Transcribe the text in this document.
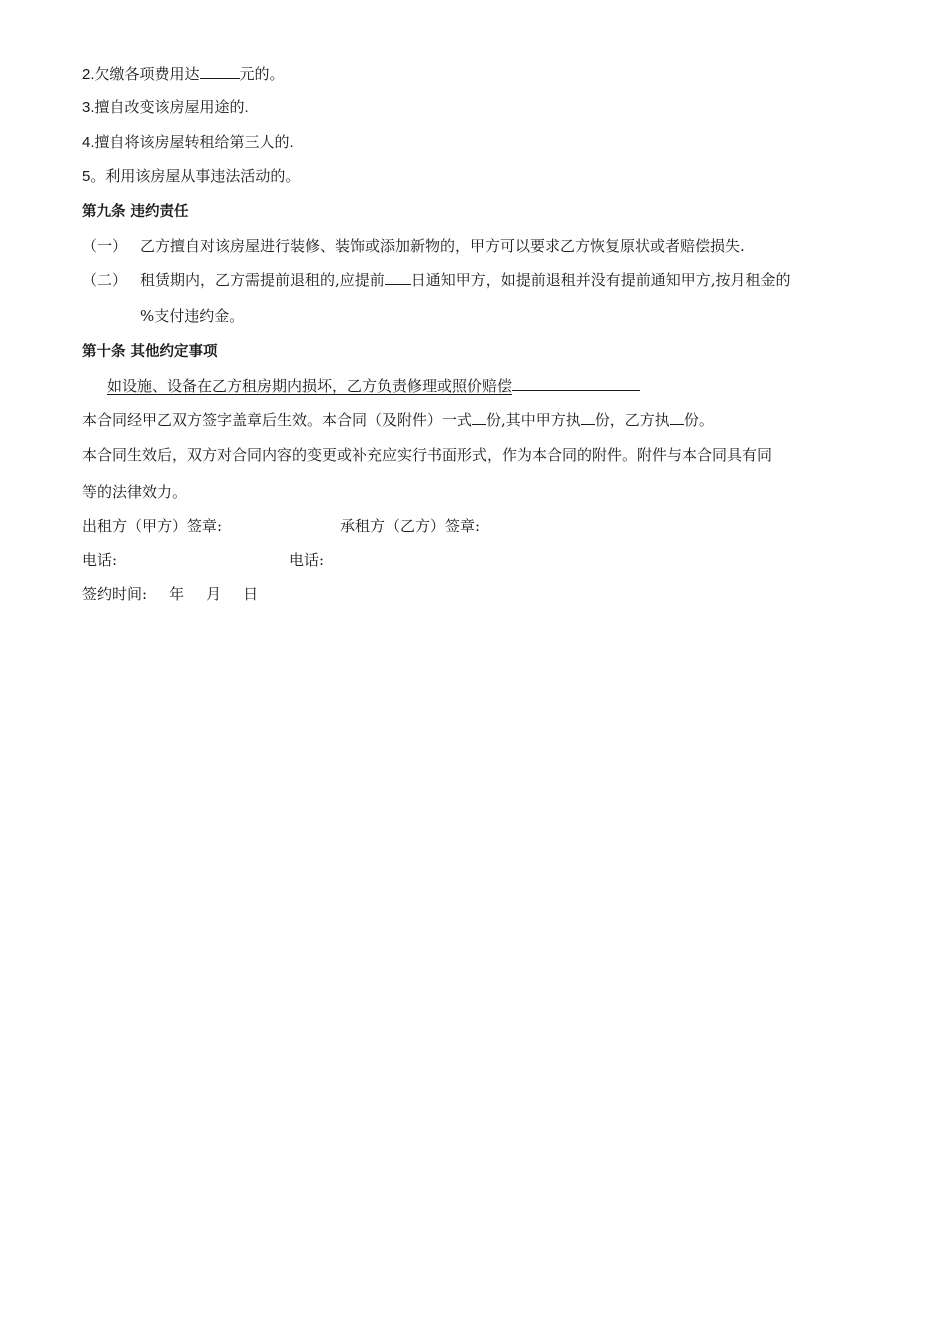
2.欠缴各项费用达	元的。
3.擅自改变该房屋用途的.
4.擅自将该房屋转租给第三人的.
5。利用该房屋从事违法活动的。
第九条 违约责任
（一） 乙方擅自对该房屋进行装修、装饰或添加新物的，甲方可以要求乙方恢复原状或者赔偿损失.
（二） 租赁期内，乙方需提前退租的,应提前 日通知甲方，如提前退租并没有提前通知甲方,按月租金的
%支付违约金。
第十条 其他约定事项
如设施、设备在乙方租房期内损坏，乙方负责修理或照价赔偿
本合同经甲乙双方签字盖章后生效。本合同（及附件）一式 份,其中甲方执 份，乙方执 份。
本合同生效后，双方对合同内容的变更或补充应实行书面形式，作为本合同的附件。附件与本合同具有同
等的法律效力。
出租方（甲方）签章:	承租方（乙方）签章:
电话:	电话:
签约时间: 年 月 日
